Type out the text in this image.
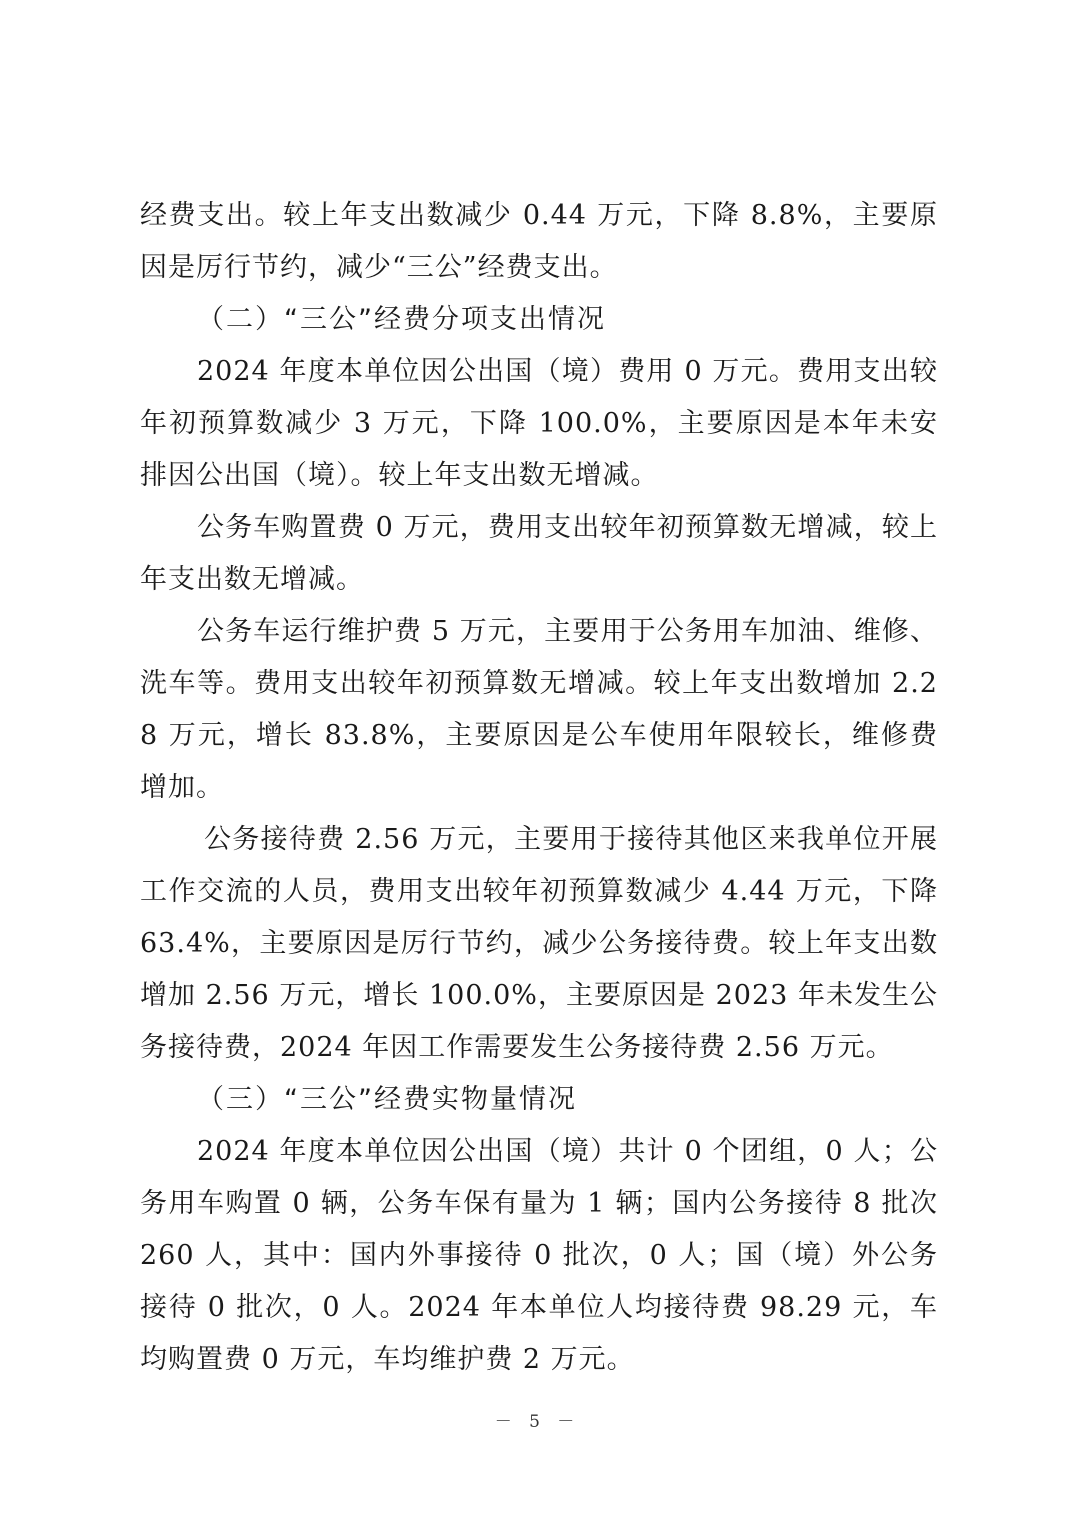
经费支出。较上年支出数减少 0.44 万元，下降 8.8%，主要原因是厉行节约，减少“三公”经费支出。

（二）“三公”经费分项支出情况

2024 年度本单位因公出国（境）费用 0 万元。费用支出较年初预算数减少 3 万元，下降 100.0%，主要原因是本年未安排因公出国（境）。较上年支出数无增减。

公务车购置费 0 万元，费用支出较年初预算数无增减，较上年支出数无增减。

公务车运行维护费 5 万元，主要用于公务用车加油、维修、洗车等。费用支出较年初预算数无增减。较上年支出数增加 2.28 万元，增长 83.8%，主要原因是公车使用年限较长，维修费增加。

公务接待费 2.56 万元，主要用于接待其他区来我单位开展工作交流的人员，费用支出较年初预算数减少 4.44 万元，下降 63.4%，主要原因是厉行节约，减少公务接待费。较上年支出数增加 2.56 万元，增长 100.0%，主要原因是 2023 年未发生公务接待费，2024 年因工作需要发生公务接待费 2.56 万元。

（三）“三公”经费实物量情况

2024 年度本单位因公出国（境）共计 0 个团组，0 人；公务用车购置 0 辆，公务车保有量为 1 辆；国内公务接待 8 批次 260 人，其中：国内外事接待 0 批次，0 人；国（境）外公务接待 0 批次，0 人。2024 年本单位人均接待费 98.29 元，车均购置费 0 万元，车均维护费 2 万元。

－ 5 －
